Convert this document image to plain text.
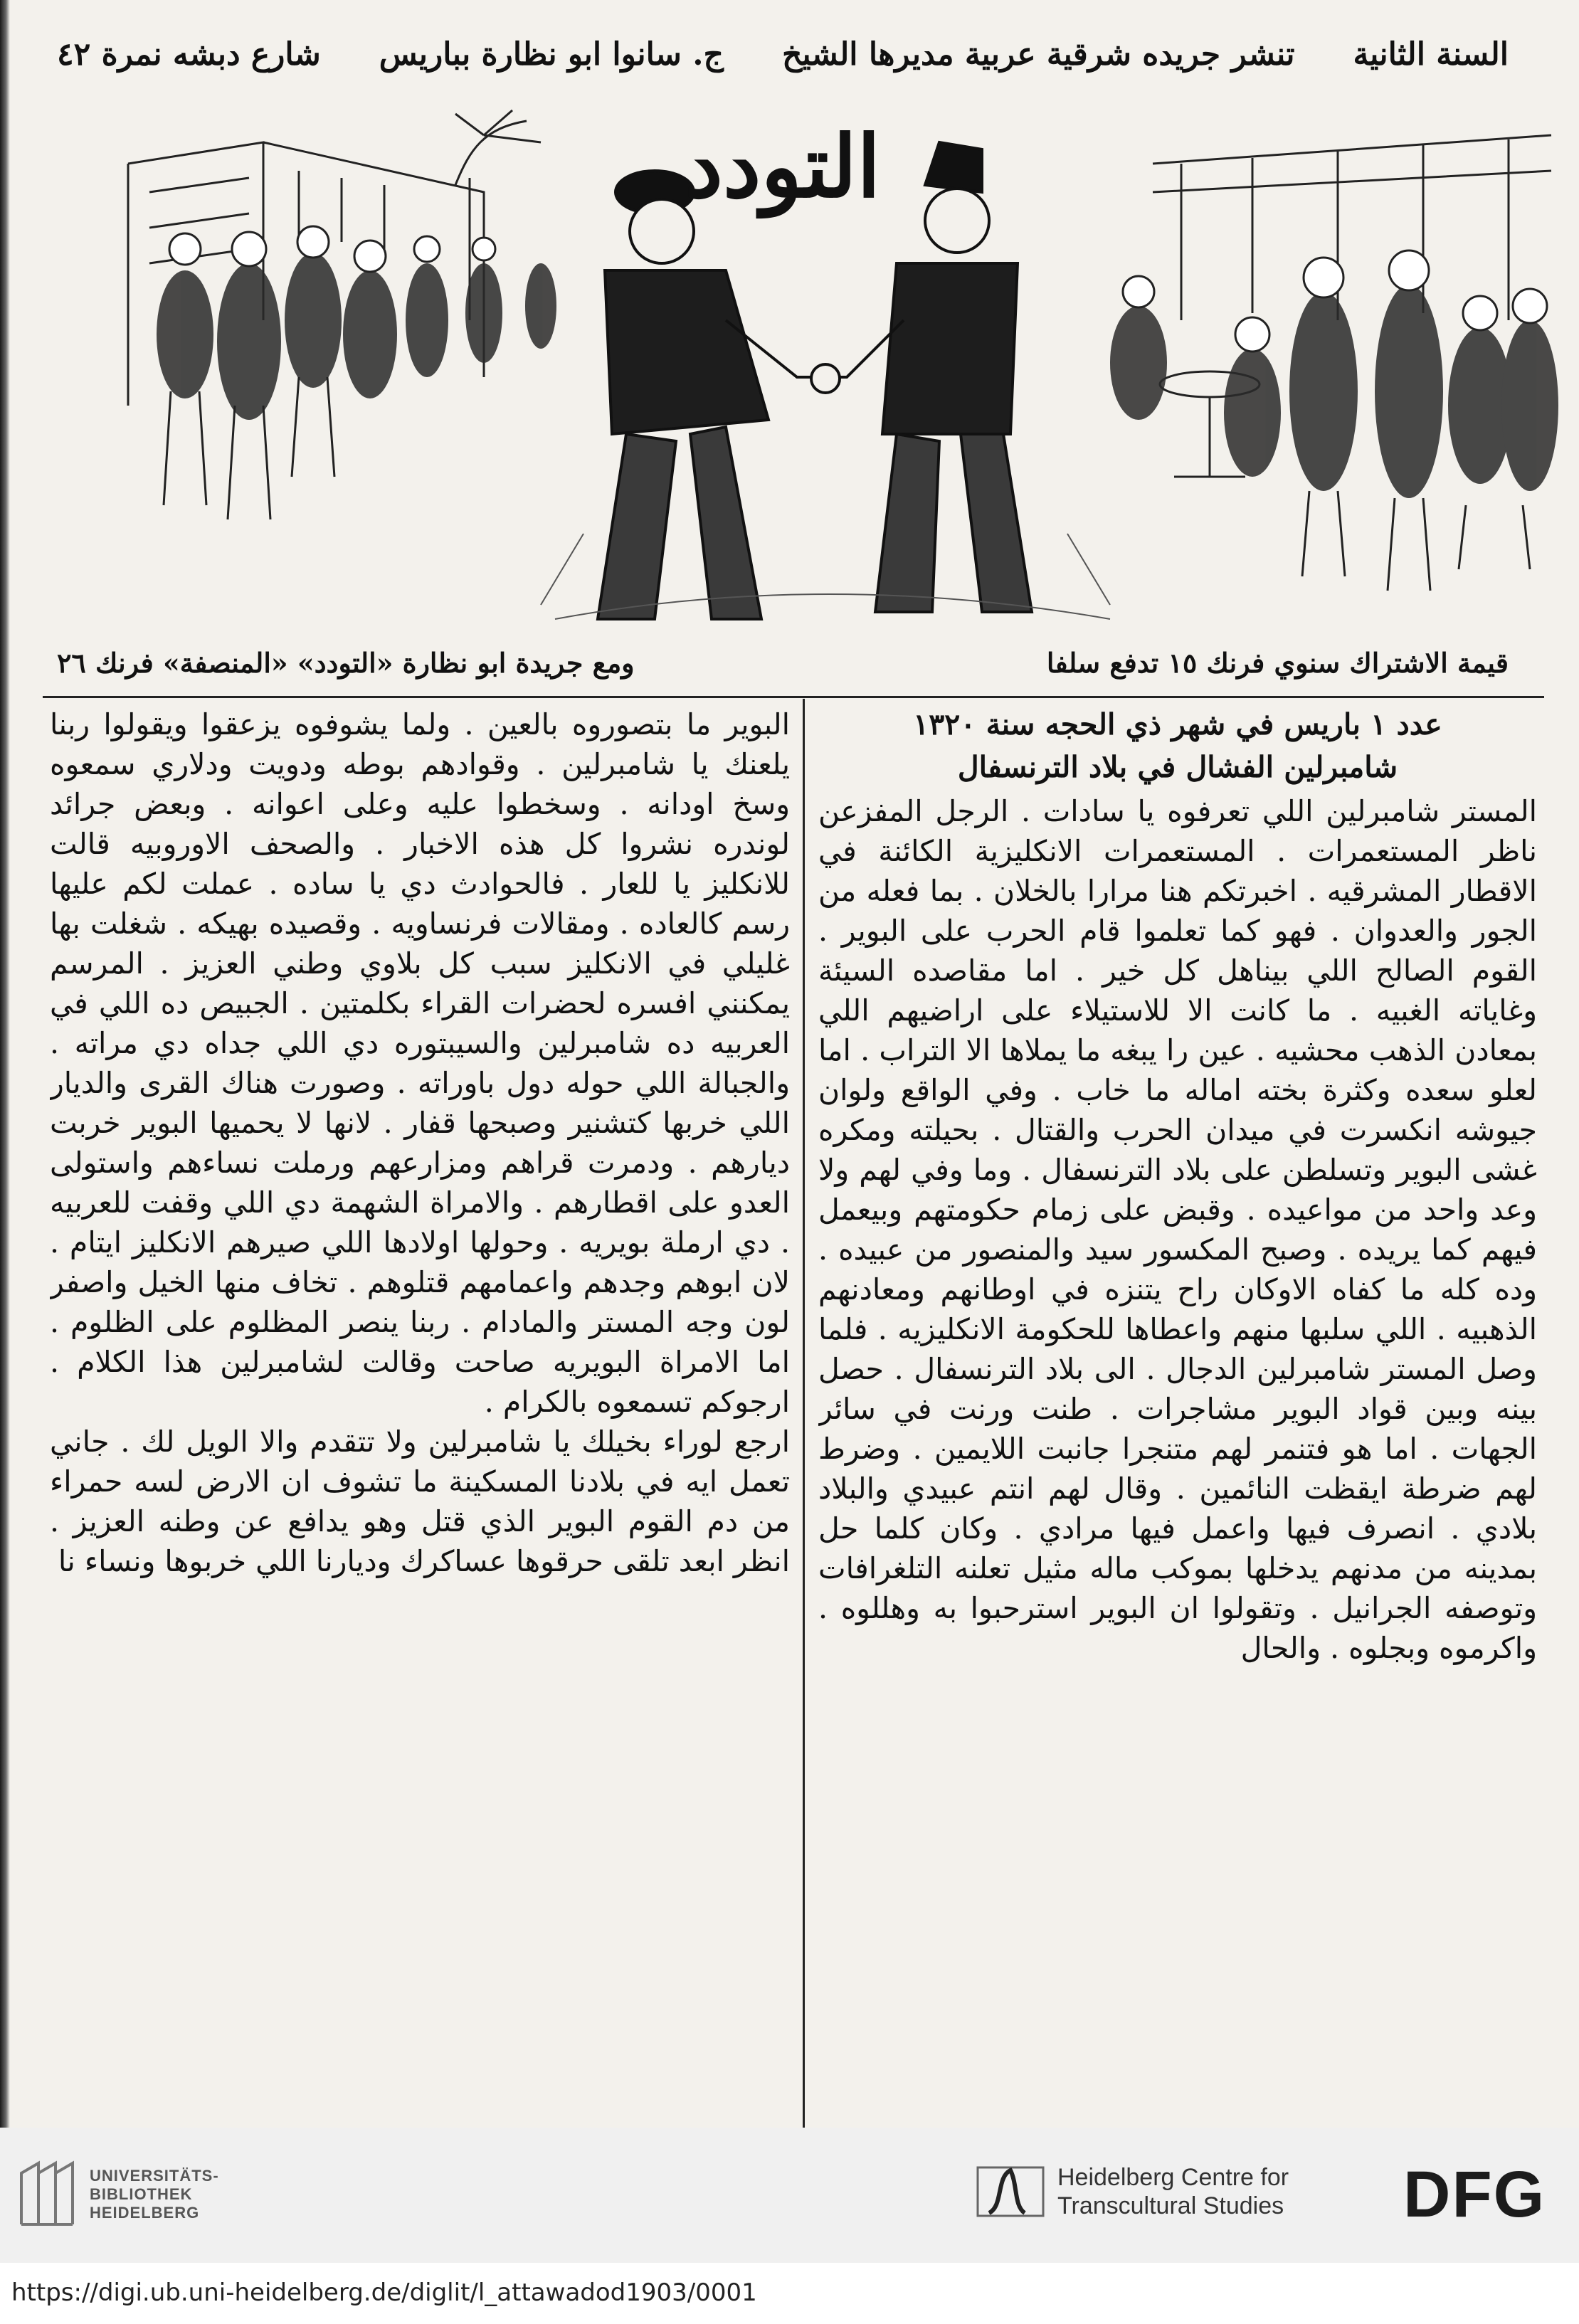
السنة الثانية
تنشر جريده شرقية عربية مديرها الشيخ
ج. سانوا ابو نظارة بباريس
شارع دبشه نمرة ٤٢
التودد
قيمة الاشتراك سنوي فرنك ١٥ تدفع سلفا
ومع جريدة ابو نظارة «التودد» «المنصفة» فرنك ٢٦
عدد ١ باريس في شهر ذي الحجه سنة ١٣٢٠
شامبرلين الفشال في بلاد الترنسفال

المستر شامبرلين اللي تعرفوه يا سادات . الرجل المفزعن ناظر المستعمرات . المستعمرات الانكليزية الكائنة في الاقطار المشرقيه . اخبرتكم هنا مرارا بالخلان . بما فعله من الجور والعدوان . فهو كما تعلموا قام الحرب على البوير . القوم الصالح اللي بيناهل كل خير . اما مقاصده السيئة وغاياته الغبيه . ما كانت الا للاستيلاء على اراضيهم اللي بمعادن الذهب محشيه . عين را يبغه ما يملاها الا التراب . اما لعلو سعده وكثرة بخته اماله ما خاب . وفي الواقع ولوان جيوشه انكسرت في ميدان الحرب والقتال . بحيلته ومكره غشى البوير وتسلطن على بلاد الترنسفال . وما وفي لهم ولا وعد واحد من مواعيده . وقبض على زمام حكومتهم وبيعمل فيهم كما يريده . وصبح المكسور سيد والمنصور من عبيده . وده كله ما كفاه الاوكان راح يتنزه في اوطانهم ومعادنهم الذهبيه . اللي سلبها منهم واعطاها للحكومة الانكليزيه . فلما وصل المستر شامبرلين الدجال . الى بلاد الترنسفال . حصل بينه وبين قواد البوير مشاجرات . طنت ورنت في سائر الجهات . اما هو فتنمر لهم متنجرا جانبت اللايمين . وضرط لهم ضرطة ايقظت النائمين . وقال لهم انتم عبيدي والبلاد بلادي . انصرف فيها واعمل فيها مرادي . وكان كلما حل بمدينه من مدنهم يدخلها بموكب ماله مثيل تعلنه التلغرافات وتوصفه الجرانيل . وتقولوا ان البوير استرحبوا به وهللوه . واكرموه وبجلوه . والحال

البوير ما بتصوروه بالعين . ولما يشوفوه يزعقوا ويقولوا ربنا يلعنك يا شامبرلين . وقوادهم بوطه ودويت ودلاري سمعوه وسخ اودانه . وسخطوا عليه وعلى اعوانه . وبعض جرائد لوندره نشروا كل هذه الاخبار . والصحف الاوروبيه قالت للانكليز يا للعار . فالحوادث دي يا ساده . عملت لكم عليها رسم كالعاده . ومقالات فرنساويه . وقصيده بهيكه . شغلت بها غليلي في الانكليز سبب كل بلاوي وطني العزيز . المرسم يمكنني افسره لحضرات القراء بكلمتين . الجبيص ده اللي في العربيه ده شامبرلين والسيبتوره دي اللي جداه دي مراته . والجبالة اللي حوله دول باوراته . وصورت هناك القرى والديار اللي خربها كتشنير وصبحها قفار . لانها لا يحميها البوير خربت ديارهم . ودمرت قراهم ومزارعهم ورملت نساءهم واستولى العدو على اقطارهم . والامراة الشهمة دي اللي وقفت للعربيه . دي ارملة بويريه . وحولها اولادها اللي صيرهم الانكليز ايتام . لان ابوهم وجدهم واعمامهم قتلوهم . تخاف منها الخيل واصفر لون وجه المستر والمادام . ربنا ينصر المظلوم على الظلوم . اما الامراة البويريه صاحت وقالت لشامبرلين هذا الكلام . ارجوكم تسمعوه بالكرام .

ارجع لوراء بخيلك يا شامبرلين ولا تتقدم والا الويل لك . جاني تعمل ايه في بلادنا المسكينة ما تشوف ان الارض لسه حمراء من دم القوم البوير الذي قتل وهو يدافع عن وطنه العزيز . انظر ابعد تلقى حرقوها عساكرك وديارنا اللي خربوها ونساء نا

UNIVERSITÄTS-
BIBLIOTHEK
HEIDELBERG
Heidelberg Centre for
Transcultural Studies DFG
https://digi.ub.uni-heidelberg.de/diglit/l_attawadod1903/0001
